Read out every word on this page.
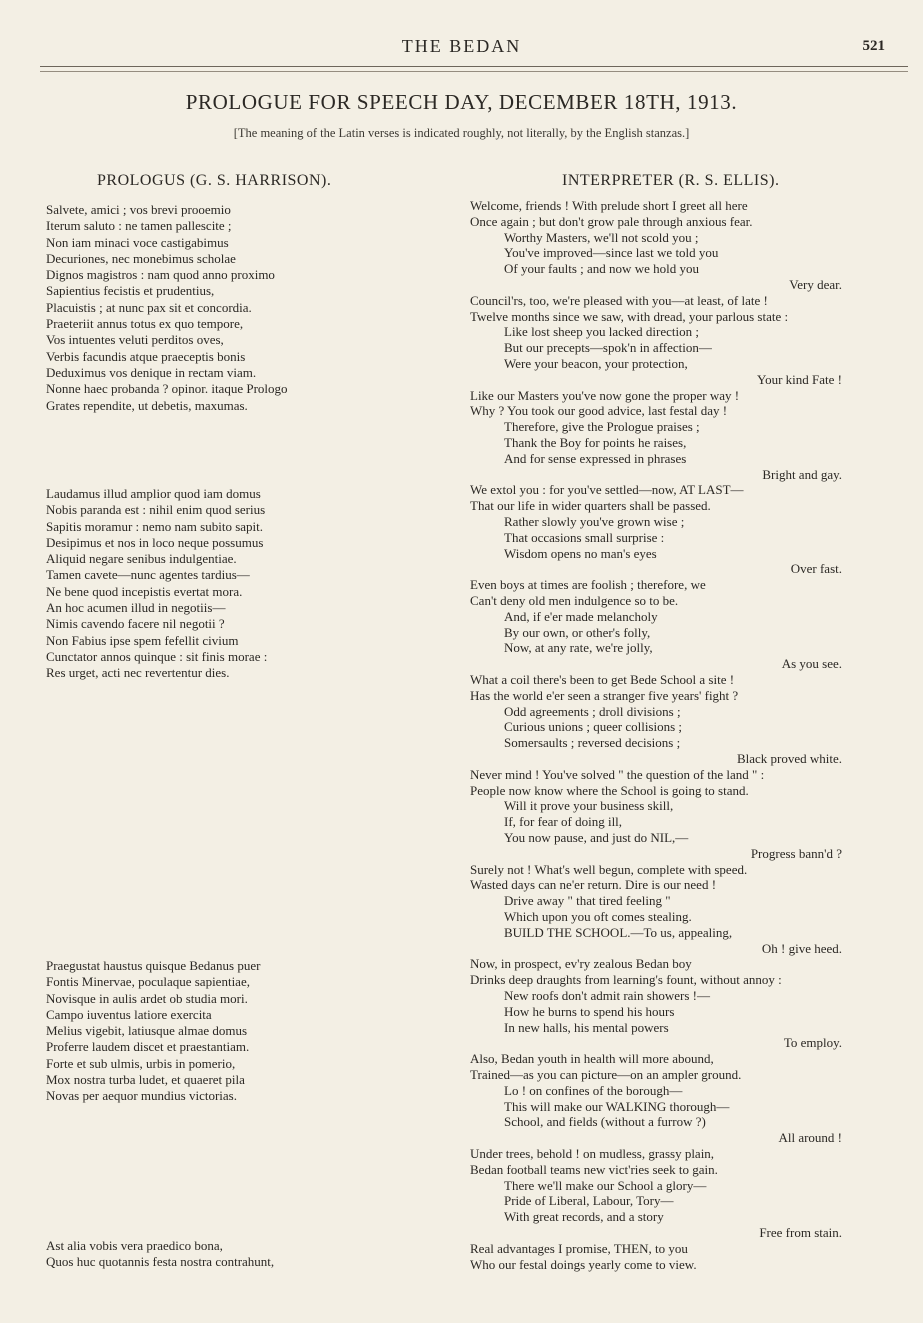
THE BEDAN	521
PROLOGUE FOR SPEECH DAY, DECEMBER 18TH, 1913.
[The meaning of the Latin verses is indicated roughly, not literally, by the English stanzas.]
PROLOGUS (G. S. HARRISON).	INTERPRETER (R. S. ELLIS).
Salvete, amici ; vos brevi prooemio
Iterum saluto : ne tamen pallescite ;
Non iam minaci voce castigabimus
Decuriones, nec monebimus scholae
Dignos magistros : nam quod anno proximo
Sapientius fecistis et prudentius,
Placuistis ; at nunc pax sit et concordia.
Praeteriit annus totus ex quo tempore,
Vos intuentes veluti perditos oves,
Verbis facundis atque praeceptis bonis
Deduximus vos denique in rectam viam.
Nonne haec probanda ? opinor. itaque Prologo
Grates rependite, ut debetis, maxumas.
Laudamus illud amplior quod iam domus
Nobis paranda est : nihil enim quod serius
Sapitis moramur : nemo nam subito sapit.
Desipimus et nos in loco neque possumus
Aliquid negare senibus indulgentiae.
Tamen cavete—nunc agentes tardius—
Ne bene quod incepistis evertat mora.
An hoc acumen illud in negotiis—
Nimis cavendo facere nil negotii ?
Non Fabius ipse spem fefellit civium
Cunctator annos quinque : sit finis morae :
Res urget, acti nec revertentur dies.
Praegustat haustus quisque Bedanus puer
Fontis Minervae, poculaque sapientiae,
Novisque in aulis ardet ob studia mori.
Campo iuventus latiore exercita
Melius vigebit, latiusque almae domus
Proferre laudem discet et praestantiam.
Forte et sub ulmis, urbis in pomerio,
Mox nostra turba ludet, et quaeret pila
Novas per aequor mundius victorias.
Ast alia vobis vera praedico bona,
Quos huc quotannis festa nostra contrahunt,
Welcome, friends ! With prelude short I greet all here
Once again ; but don't grow pale through anxious fear.
Worthy Masters, we'll not scold you ;
You've improved—since last we told you
Of your faults ; and now we hold you
Very dear.
Council'rs, too, we're pleased with you—at least, of late !
Twelve months since we saw, with dread, your parlous state :
Like lost sheep you lacked direction ;
But our precepts—spok'n in affection—
Were your beacon, your protection,
Your kind Fate !
Like our Masters you've now gone the proper way !
Why ? You took our good advice, last festal day !
Therefore, give the Prologue praises ;
Thank the Boy for points he raises,
And for sense expressed in phrases
Bright and gay.
We extol you : for you've settled—now, AT LAST—
That our life in wider quarters shall be passed.
Rather slowly you've grown wise ;
That occasions small surprise :
Wisdom opens no man's eyes
Over fast.
Even boys at times are foolish ; therefore, we
Can't deny old men indulgence so to be.
And, if e'er made melancholy
By our own, or other's folly,
Now, at any rate, we're jolly,
As you see.
What a coil there's been to get Bede School a site !
Has the world e'er seen a stranger five years' fight ?
Odd agreements ; droll divisions ;
Curious unions ; queer collisions ;
Somersaults ; reversed decisions ;
Black proved white.
Never mind ! You've solved " the question of the land " :
People now know where the School is going to stand.
Will it prove your business skill,
If, for fear of doing ill,
You now pause, and just do NIL,—
Progress bann'd ?
Surely not ! What's well begun, complete with speed.
Wasted days can ne'er return. Dire is our need !
Drive away " that tired feeling "
Which upon you oft comes stealing.
BUILD THE SCHOOL.—To us, appealing,
Oh ! give heed.
Now, in prospect, ev'ry zealous Bedan boy
Drinks deep draughts from learning's fount, without annoy :
New roofs don't admit rain showers !—
How he burns to spend his hours
In new halls, his mental powers
To employ.
Also, Bedan youth in health will more abound,
Trained—as you can picture—on an ampler ground.
Lo ! on confines of the borough—
This will make our WALKING thorough—
School, and fields (without a furrow ?)
All around !
Under trees, behold ! on mudless, grassy plain,
Bedan football teams new vict'ries seek to gain.
There we'll make our School a glory—
Pride of Liberal, Labour, Tory—
With great records, and a story
Free from stain.
Real advantages I promise, THEN, to you
Who our festal doings yearly come to view.
